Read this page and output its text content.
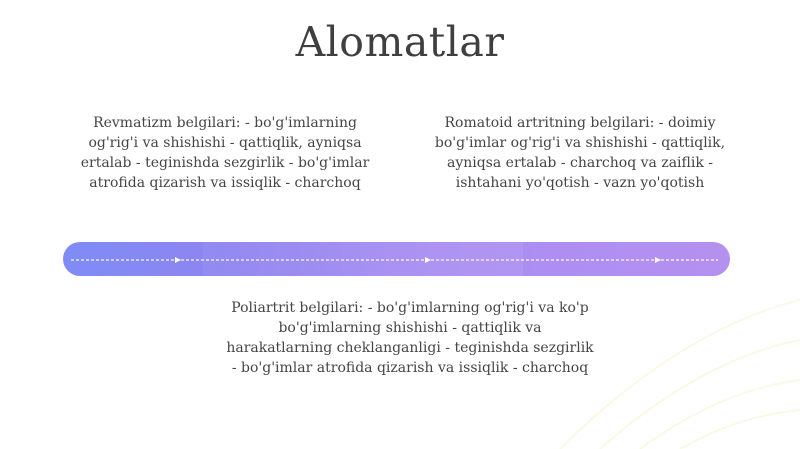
Alomatlar
Revmatizm belgilari: - bo'g'imlarning og'rig'i va shishishi - qattiqlik, ayniqsa ertalab - teginishda sezgirlik - bo'g'imlar atrofida qizarish va issiqlik - charchoq
Romatoid artritning belgilari: - doimiy bo'g'imlar og'rig'i va shishishi - qattiqlik, ayniqsa ertalab - charchoq va zaiflik - ishtahani yo'qotish - vazn yo'qotish
Poliartrit belgilari: - bo'g'imlarning og'rig'i va ko'p bo'g'imlarning shishishi - qattiqlik va harakatlarning cheklanganligi - teginishda sezgirlik - bo'g'imlar atrofida qizarish va issiqlik - charchoq
